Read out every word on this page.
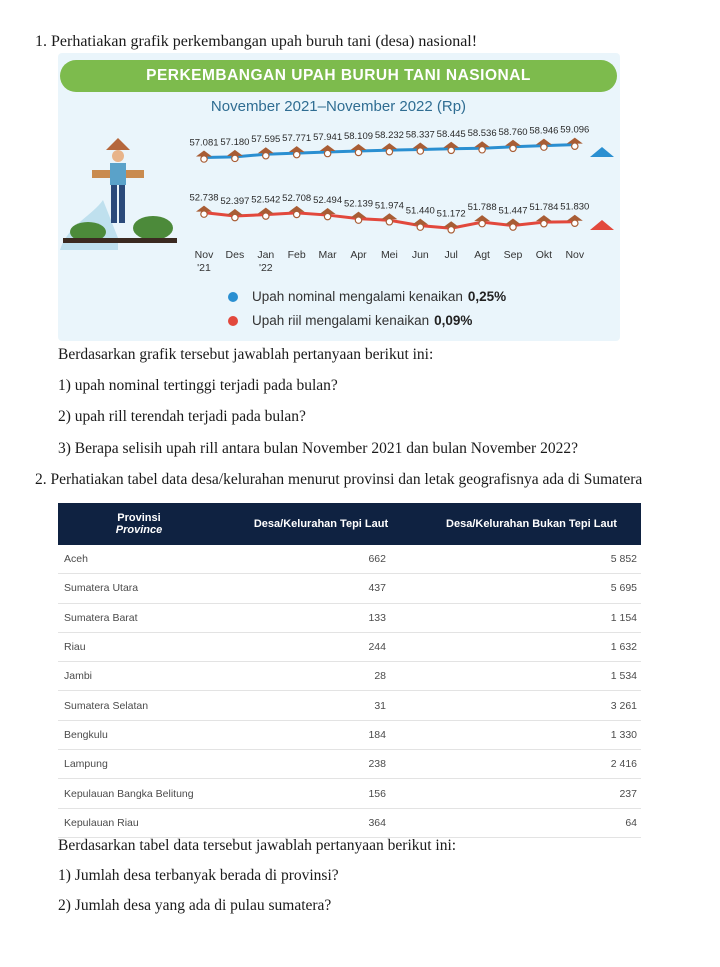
1. Perhatiakan grafik perkembangan upah buruh tani (desa) nasional!
PERKEMBANGAN UPAH BURUH TANI NASIONAL
November 2021–November 2022 (Rp)
57.081 57.180 57.595 57.771 57.941 58.109 58.232 58.337 58.445 58.536 58.760 58.946 59.096
52.738 52.397 52.542 52.708 52.494 52.139 51.974 51.440 51.172
51.788 51.447 51.784 51.830
Nov
'21
Des Jan
'22
Feb Mar Apr Mei Jun Jul Agt Sep Okt Nov
Upah nominal mengalami kenaikan 0,25%
Upah riil mengalami kenaikan 0,09%
Berdasarkan grafik tersebut jawablah pertanyaan berikut ini:
1) upah nominal tertinggi terjadi pada bulan?
2) upah rill terendah terjadi pada bulan?
3) Berapa selisih upah rill antara bulan November 2021 dan bulan November 2022?
2. Perhatiakan tabel data desa/kelurahan menurut provinsi dan letak geografisnya ada di Sumatera
Provinsi
Province	Desa/Kelurahan Tepi Laut	Desa/Kelurahan Bukan Tepi Laut
Aceh	662	5 852
Sumatera Utara	437	5 695
Sumatera Barat	133	1 154
Riau	244	1 632
Jambi	28	1 534
Sumatera Selatan	31	3 261
Bengkulu	184	1 330
Lampung	238	2 416
Kepulauan Bangka Belitung	156	237
Kepulauan Riau	364	64
Berdasarkan tabel data tersebut jawablah pertanyaan berikut ini:
1) Jumlah desa terbanyak berada di provinsi?
2) Jumlah desa yang ada di pulau sumatera?
